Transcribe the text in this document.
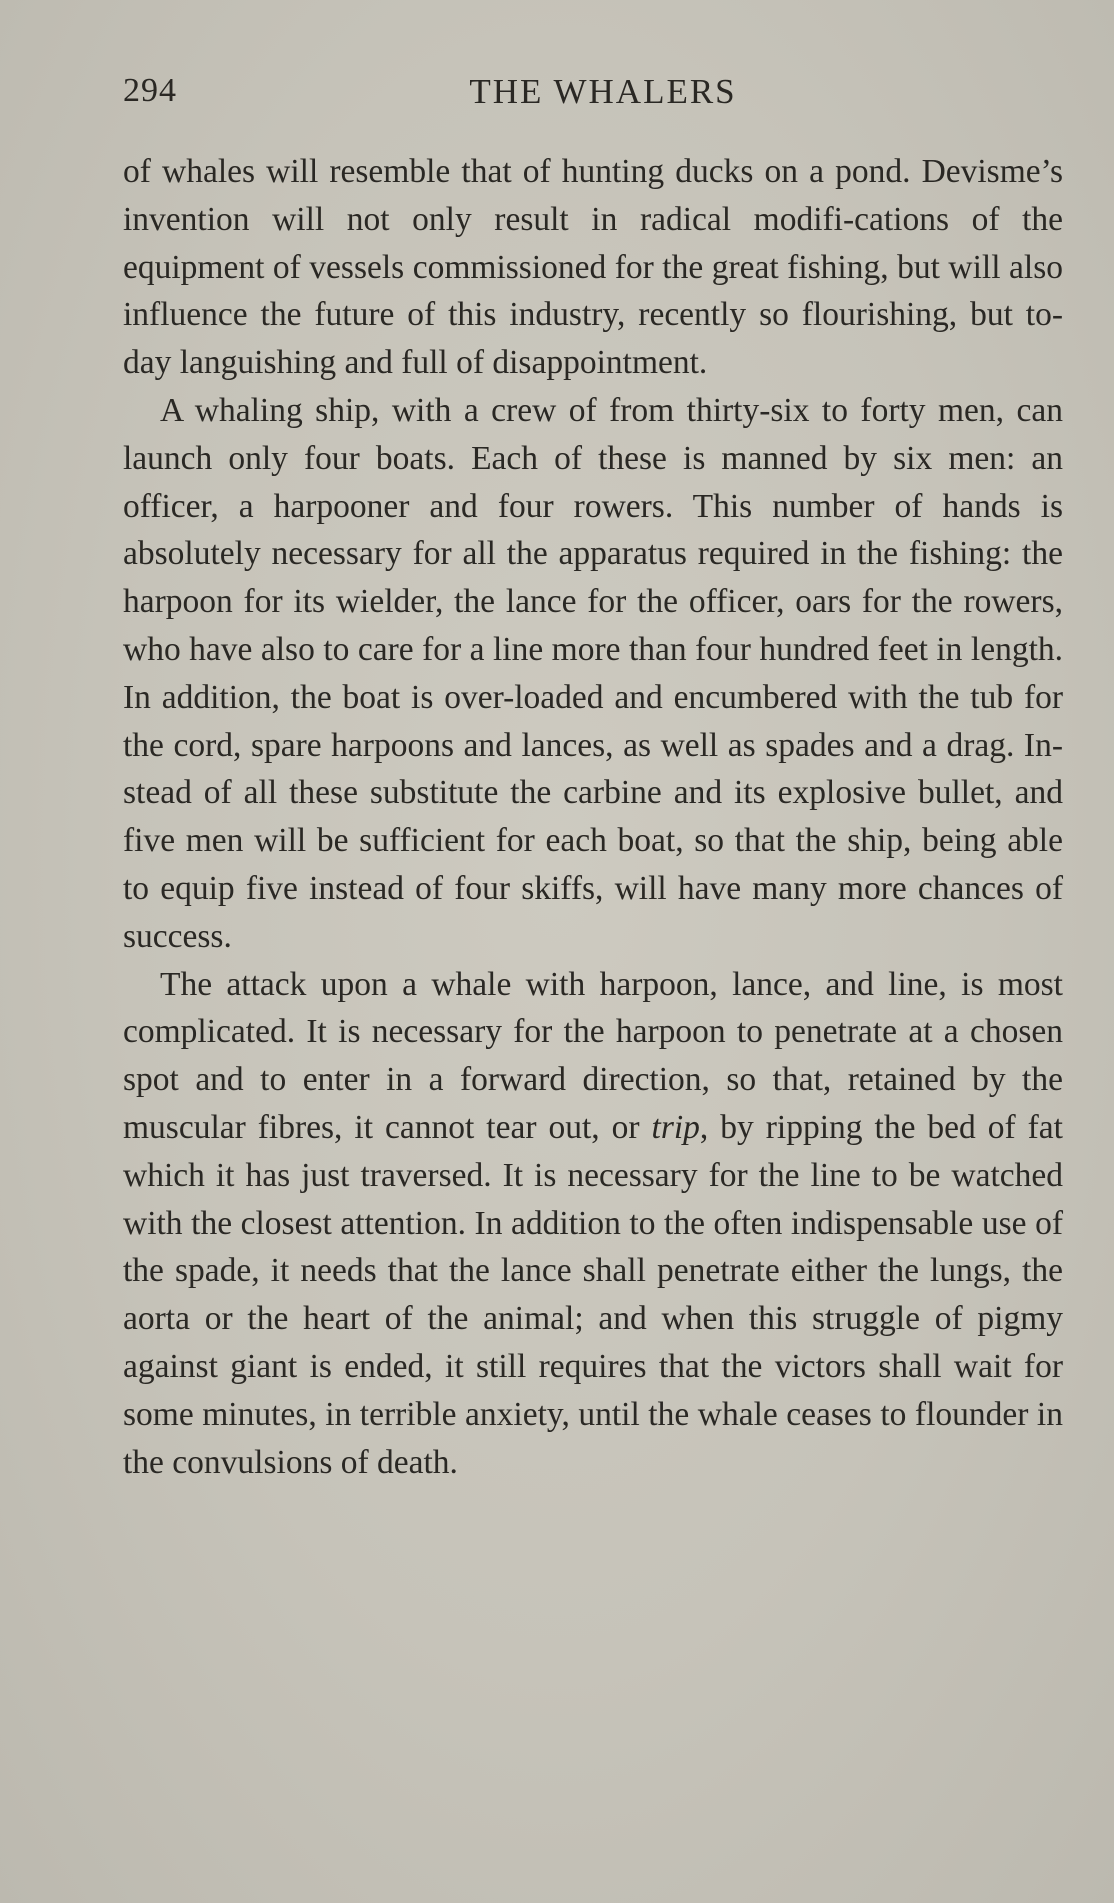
294	THE WHALERS

of whales will resemble that of hunting ducks on a pond. Devisme’s invention will not only result in radical modifi-cations of the equipment of vessels commissioned for the great fishing, but will also influence the future of this industry, recently so flourishing, but to-day languishing and full of disappointment.

A whaling ship, with a crew of from thirty-six to forty men, can launch only four boats. Each of these is manned by six men: an officer, a harpooner and four rowers. This number of hands is absolutely necessary for all the apparatus required in the fishing: the harpoon for its wielder, the lance for the officer, oars for the rowers, who have also to care for a line more than four hundred feet in length. In addition, the boat is over-loaded and encumbered with the tub for the cord, spare harpoons and lances, as well as spades and a drag. In-stead of all these substitute the carbine and its explosive bullet, and five men will be sufficient for each boat, so that the ship, being able to equip five instead of four skiffs, will have many more chances of success.

The attack upon a whale with harpoon, lance, and line, is most complicated. It is necessary for the harpoon to penetrate at a chosen spot and to enter in a forward direction, so that, retained by the muscular fibres, it cannot tear out, or trip, by ripping the bed of fat which it has just traversed. It is necessary for the line to be watched with the closest attention. In addition to the often indispensable use of the spade, it needs that the lance shall penetrate either the lungs, the aorta or the heart of the animal; and when this struggle of pigmy against giant is ended, it still requires that the victors shall wait for some minutes, in terrible anxiety, until the whale ceases to flounder in the convulsions of death.
